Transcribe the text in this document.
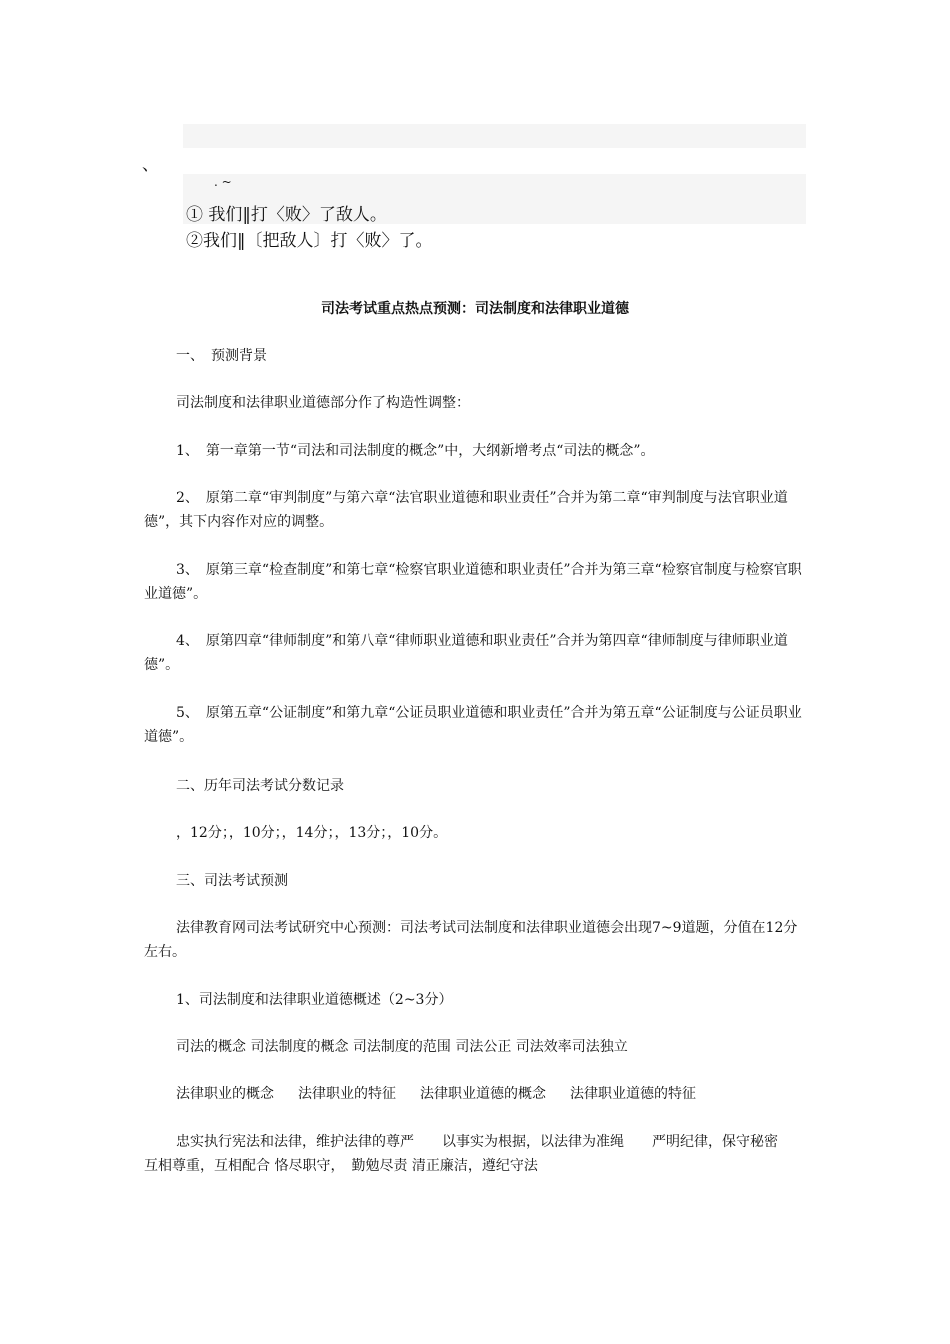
、
. ~
① 我们‖打〈败〉了敌人。
②我们‖〔把敌人〕打〈败〉了。
司法考试重点热点预测：司法制度和法律职业道德
一、　预测背景
司法制度和法律职业道德部分作了构造性调整：
1、　第一章第一节“司法和司法制度的概念”中，大纲新增考点“司法的概念”。
2、　原第二章“审判制度”与第六章“法官职业道德和职业责任”合并为第二章“审判制度与法官职业道德”，其下内容作对应的调整。
3、　原第三章“检查制度”和第七章“检察官职业道德和职业责任”合并为第三章“检察官制度与检察官职业道德”。
4、　原第四章“律师制度”和第八章“律师职业道德和职业责任”合并为第四章“律师制度与律师职业道德”。
5、　原第五章“公证制度”和第九章“公证员职业道德和职业责任”合并为第五章“公证制度与公证员职业道德”。
二、历年司法考试分数记录
，12分；，10分；，14分；，13分；，10分。
三、司法考试预测
法律教育网司法考试研究中心预测：司法考试司法制度和法律职业道德会出现7~9道题，分值在12分左右。
1、司法制度和法律职业道德概述（2~3分）
司法的概念 司法制度的概念 司法制度的范围 司法公正 司法效率司法独立
法律职业的概念 法律职业的特征 法律职业道德的概念 法律职业道德的特征
忠实执行宪法和法律，维护法律的尊严　　以事实为根据，以法律为准绳　　严明纪律，保守秘密　　互相尊重，互相配合 恪尽职守，　勤勉尽责 清正廉洁，遵纪守法
